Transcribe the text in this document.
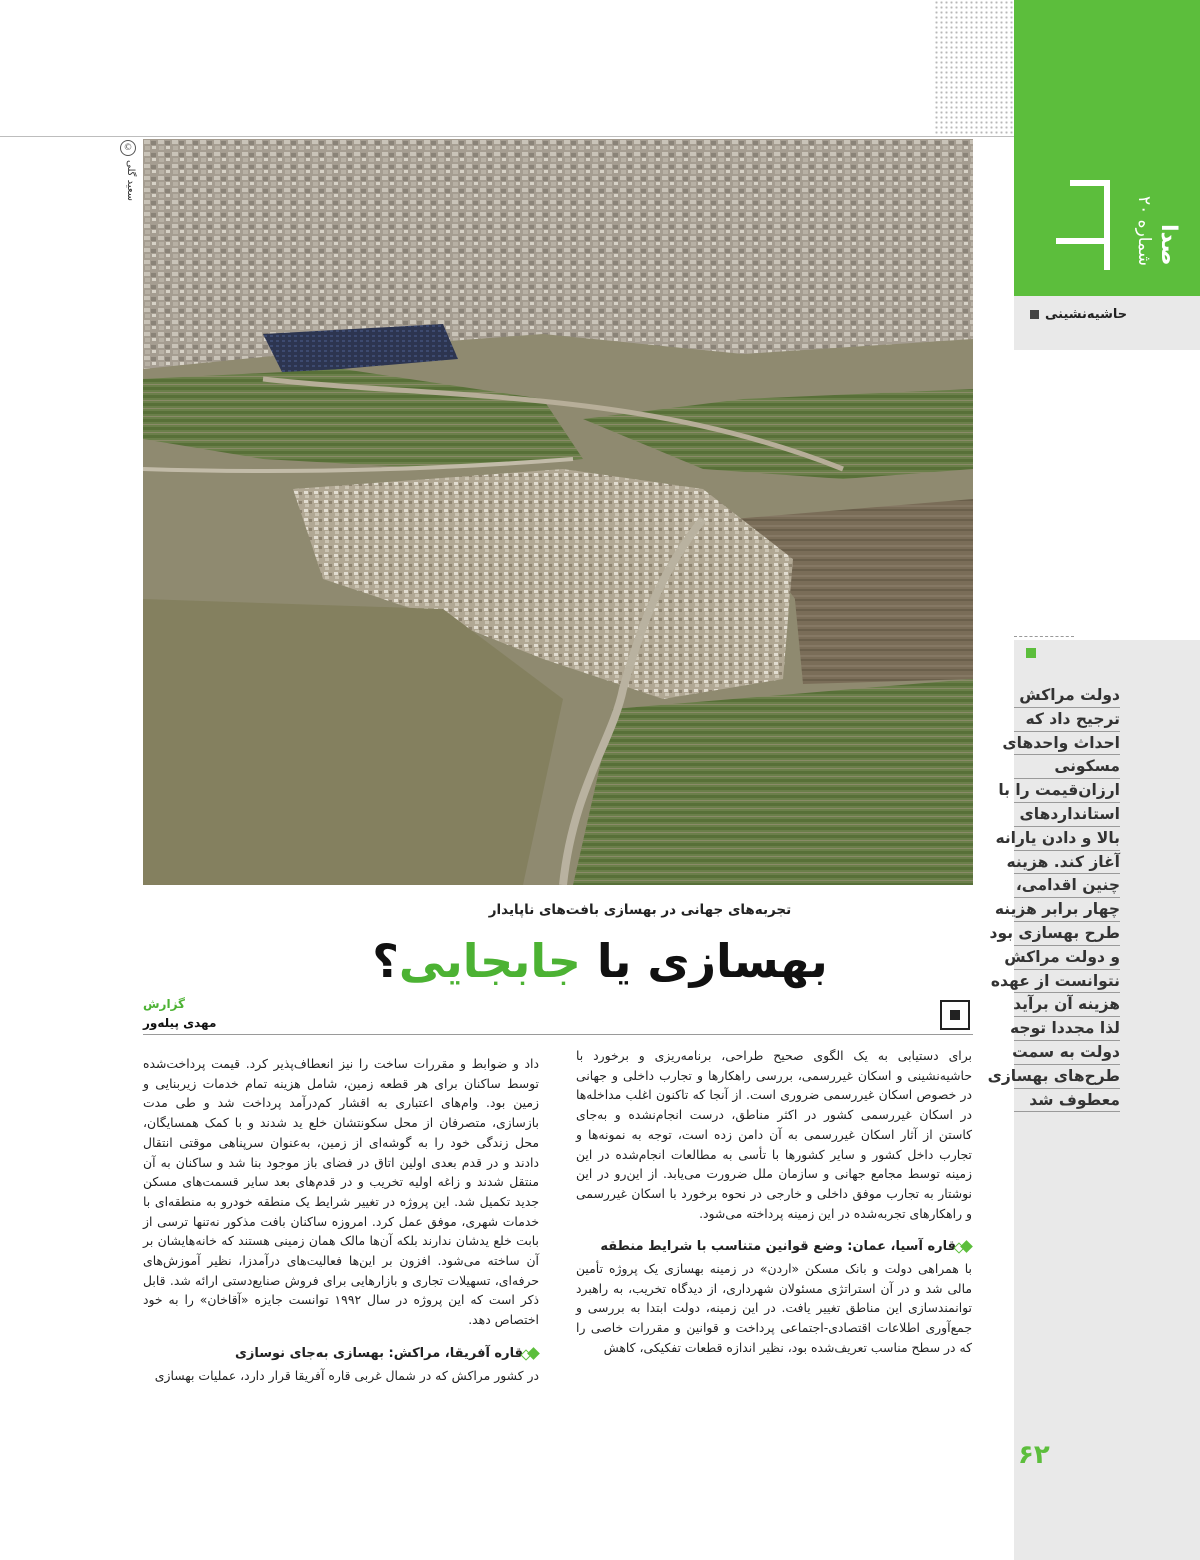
صدا شماره ۲۰
حاشیه‌نشینی
دولت مراکش
ترجیح داد که
احداث واحدهای
مسکونی
ارزان‌قیمت را با
استانداردهای
بالا و دادن یارانه
آغاز کند. هزینه
چنین اقدامی،
چهار برابر هزینه
طرح بهسازی بود
و دولت مراکش
نتوانست از عهده
هزینه آن برآید
لذا مجددا توجه
دولت به سمت
طرح‌های بهسازی
معطوف شد
۶۲
©
سعید گلی
تجربه‌های جهانی در بهسازی بافت‌های ناپایدار
بهسازی یا جابجایی؟
گزارش
مهدی پیله‌ور

برای دستیابی به یک الگوی صحیح طراحی، برنامه‌ریزی و برخورد با حاشیه‌نشینی و اسکان غیررسمی، بررسی راهکارها و تجارب داخلی و جهانی در خصوص اسکان غیررسمی ضروری است. از آنجا که تاکنون اغلب مداخله‌ها در اسکان غیررسمی کشور در اکثر مناطق، درست انجام‌نشده و به‌جای کاستن از آثار اسکان غیررسمی به آن دامن زده است، توجه به نمونه‌ها و تجارب داخل کشور و سایر کشورها با تأسی به مطالعات انجام‌شده در این زمینه توسط مجامع جهانی و سازمان ملل ضرورت می‌یابد. از این‌رو در این نوشتار به تجارب موفق داخلی و خارجی در نحوه برخورد با اسکان غیررسمی و راهکارهای تجربه‌شده در این زمینه پرداخته می‌شود.

قاره آسیا، عمان: وضع قوانین متناسب با شرایط منطقه

با همراهی دولت و بانک مسکن «اردن» در زمینه بهسازی یک پروژه تأمین مالی شد و در آن استراتژی مسئولان شهرداری، از دیدگاه تخریب، به راهبرد توانمندسازی این مناطق تغییر یافت. در این زمینه، دولت ابتدا به بررسی و جمع‌آوری اطلاعات اقتصادی-اجتماعی پرداخت و قوانین و مقررات خاصی را که در سطح مناسب تعریف‌شده بود، نظیر اندازه قطعات تفکیکی، کاهش

داد و ضوابط و مقررات ساخت را نیز انعطاف‌پذیر کرد. قیمت پرداخت‌شده توسط ساکنان برای هر قطعه زمین، شامل هزینه تمام خدمات زیربنایی و زمین بود. وام‌های اعتباری به اقشار کم‌درآمد پرداخت شد و طی مدت بازسازی، متصرفان از محل سکونتشان خلع ید شدند و با کمک همسایگان، محل زندگی خود را به گوشه‌ای از زمین، به‌عنوان سرپناهی موقتی انتقال دادند و در قدم بعدی اولین اتاق در فضای باز موجود بنا شد و ساکنان به آن منتقل شدند و زاغه اولیه تخریب و در قدم‌های بعد سایر قسمت‌های مسکن جدید تکمیل شد. این پروژه در تغییر شرایط یک منطقه خودرو به منطقه‌ای با خدمات شهری، موفق عمل کرد. امروزه ساکنان بافت مذکور نه‌تنها ترسی از بابت خلع یدشان ندارند بلکه آن‌ها مالک همان زمینی هستند که خانه‌هایشان بر آن ساخته می‌شود. افزون بر این‌ها فعالیت‌های درآمدزا، نظیر آموزش‌های حرفه‌ای، تسهیلات تجاری و بازارهایی برای فروش صنایع‌دستی ارائه شد. قابل ذکر است که این پروژه در سال ۱۹۹۲ توانست جایزه «آقاخان» را به خود اختصاص دهد.

قاره آفریقا، مراکش: بهسازی به‌جای نوسازی

در کشور مراکش که در شمال غربی قاره آفریقا قرار دارد، عملیات بهسازی
